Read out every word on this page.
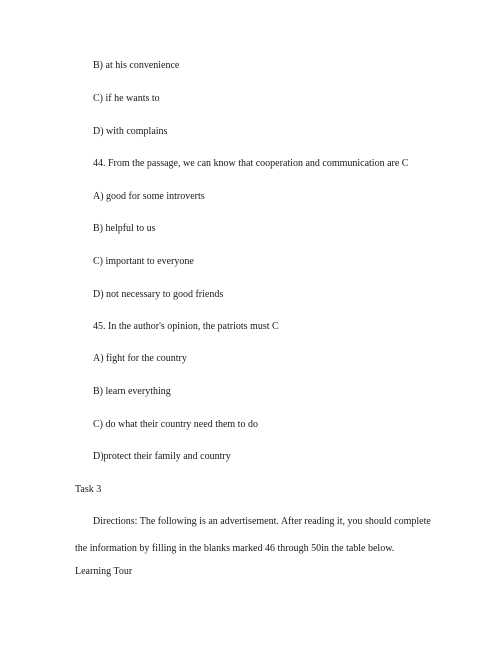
B) at his convenience

C) if he wants to

D) with complains

44. From the passage, we can know that cooperation and communication are C

A) good for some introverts

B) helpful to us

C) important to everyone

D) not necessary to good friends

45. In the author's opinion, the patriots must C

A) fight for the country

B) learn everything

C) do what their country need them to do

D)protect their family and country

Task 3

Directions: The following is an advertisement. After reading it, you should complete

the information by filling in the blanks marked 46 through 50in the table below.

Learning Tour
